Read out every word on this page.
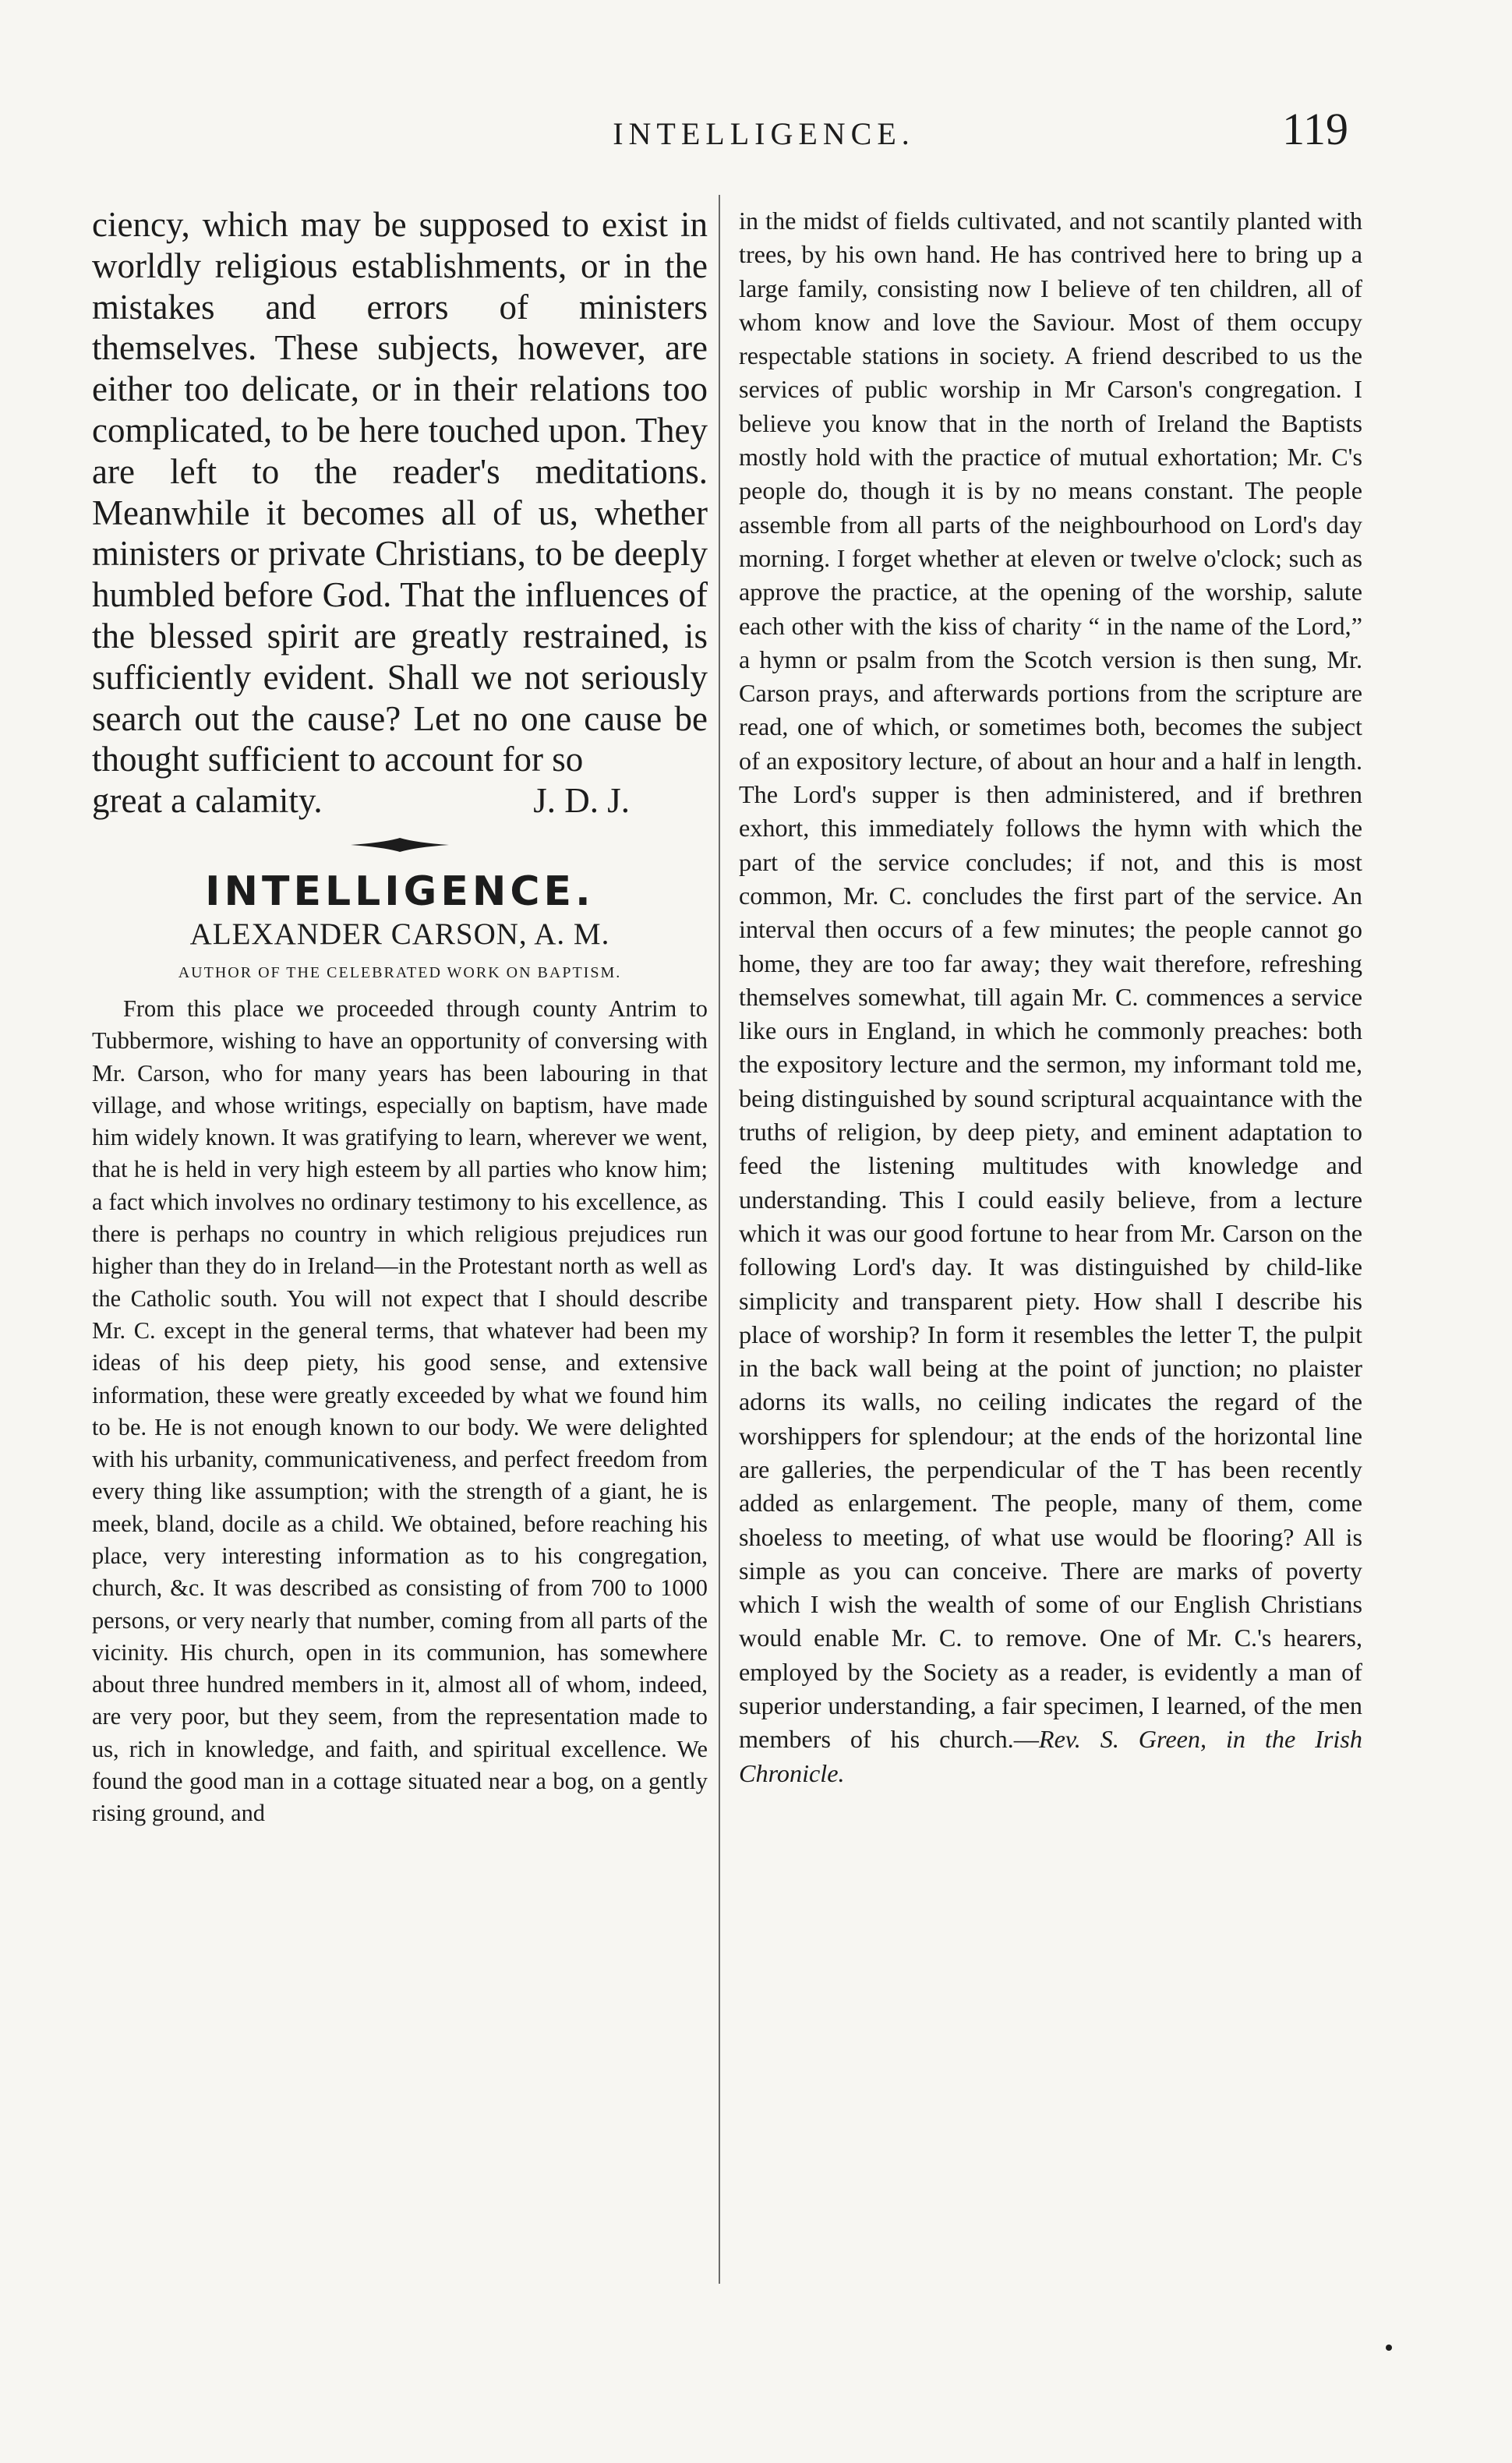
INTELLIGENCE.	119

ciency, which may be supposed to exist in worldly religious establishments, or in the mistakes and errors of ministers themselves. These subjects, however, are either too delicate, or in their relations too complicated, to be here touched upon. They are left to the reader's meditations. Meanwhile it becomes all of us, whether ministers or private Christians, to be deeply humbled before God. That the influences of the blessed spirit are greatly restrained, is sufficiently evident. Shall we not seriously search out the cause? Let no one cause be thought sufficient to account for so

great a calamity.	J. D. J.
INTELLIGENCE.
ALEXANDER CARSON, A. M.
AUTHOR OF THE CELEBRATED WORK ON BAPTISM.

From this place we proceeded through county Antrim to Tubbermore, wishing to have an opportunity of conversing with Mr. Carson, who for many years has been labouring in that village, and whose writings, especially on baptism, have made him widely known. It was gratifying to learn, wherever we went, that he is held in very high esteem by all parties who know him; a fact which involves no ordinary testimony to his excellence, as there is perhaps no country in which religious prejudices run higher than they do in Ireland—in the Protestant north as well as the Catholic south. You will not expect that I should describe Mr. C. except in the general terms, that whatever had been my ideas of his deep piety, his good sense, and extensive information, these were greatly exceeded by what we found him to be. He is not enough known to our body. We were delighted with his urbanity, communicativeness, and perfect freedom from every thing like assumption; with the strength of a giant, he is meek, bland, docile as a child. We obtained, before reaching his place, very interesting information as to his congregation, church, &c. It was described as consisting of from 700 to 1000 persons, or very nearly that number, coming from all parts of the vicinity. His church, open in its communion, has somewhere about three hundred members in it, almost all of whom, indeed, are very poor, but they seem, from the representation made to us, rich in knowledge, and faith, and spiritual excellence. We found the good man in a cottage situated near a bog, on a gently rising ground, and

in the midst of fields cultivated, and not scantily planted with trees, by his own hand. He has contrived here to bring up a large family, consisting now I believe of ten children, all of whom know and love the Saviour. Most of them occupy respectable stations in society. A friend described to us the services of public worship in Mr Carson's congregation. I believe you know that in the north of Ireland the Baptists mostly hold with the practice of mutual exhortation; Mr. C's people do, though it is by no means constant. The people assemble from all parts of the neighbourhood on Lord's day morning. I forget whether at eleven or twelve o'clock; such as approve the practice, at the opening of the worship, salute each other with the kiss of charity “ in the name of the Lord,” a hymn or psalm from the Scotch version is then sung, Mr. Carson prays, and afterwards portions from the scripture are read, one of which, or sometimes both, becomes the subject of an expository lecture, of about an hour and a half in length. The Lord's supper is then administered, and if brethren exhort, this immediately follows the hymn with which the part of the service concludes; if not, and this is most common, Mr. C. concludes the first part of the service. An interval then occurs of a few minutes; the people cannot go home, they are too far away; they wait therefore, refreshing themselves somewhat, till again Mr. C. commences a service like ours in England, in which he commonly preaches: both the expository lecture and the sermon, my informant told me, being distinguished by sound scriptural acquaintance with the truths of religion, by deep piety, and eminent adaptation to feed the listening multitudes with knowledge and understanding. This I could easily believe, from a lecture which it was our good fortune to hear from Mr. Carson on the following Lord's day. It was distinguished by child-like simplicity and transparent piety. How shall I describe his place of worship? In form it resembles the letter T, the pulpit in the back wall being at the point of junction; no plaister adorns its walls, no ceiling indicates the regard of the worshippers for splendour; at the ends of the horizontal line are galleries, the perpendicular of the T has been recently added as enlargement. The people, many of them, come shoeless to meeting, of what use would be flooring? All is simple as you can conceive. There are marks of poverty which I wish the wealth of some of our English Christians would enable Mr. C. to remove. One of Mr. C.'s hearers, employed by the Society as a reader, is evidently a man of superior understanding, a fair specimen, I learned, of the men members of his church.—Rev. S. Green, in the Irish Chronicle.
